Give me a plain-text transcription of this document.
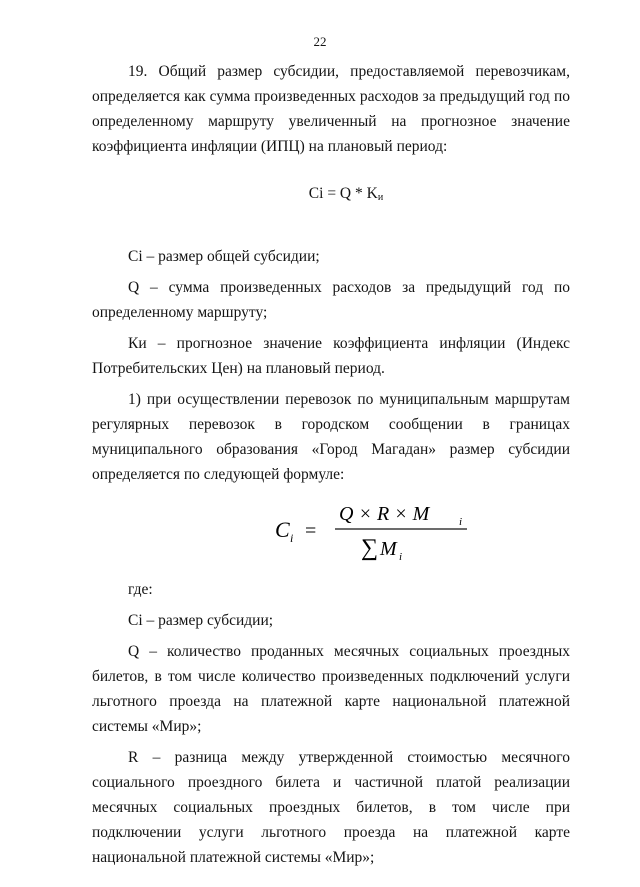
22

19. Общий размер субсидии, предоставляемой перевозчикам, определяется как сумма произведенных расходов за предыдущий год по определенному маршруту увеличенный на прогнозное значение коэффициента инфляции (ИПЦ) на плановый период:

$Ci = Q * K_и$

Ci – размер общей субсидии;

Q – сумма произведенных расходов за предыдущий год по определенному маршруту;

Ки – прогнозное значение коэффициента инфляции (Индекс Потребительских Цен) на плановый период.

1) при осуществлении перевозок по муниципальным маршрутам регулярных перевозок в городском сообщении в границах муниципального образования «Город Магадан» размер субсидии определяется по следующей формуле:

C i =
Q × R × M	i
∑ M i

где:

Ci – размер субсидии;

Q – количество проданных месячных социальных проездных билетов, в том числе количество произведенных подключений услуги льготного проезда на платежной карте национальной платежной системы «Мир»;

R – разница между утвержденной стоимостью месячного социального проездного билета и частичной платой реализации месячных социальных проездных билетов, в том числе при подключении услуги льготного проезда на платежной карте национальной платежной системы «Мир»;
